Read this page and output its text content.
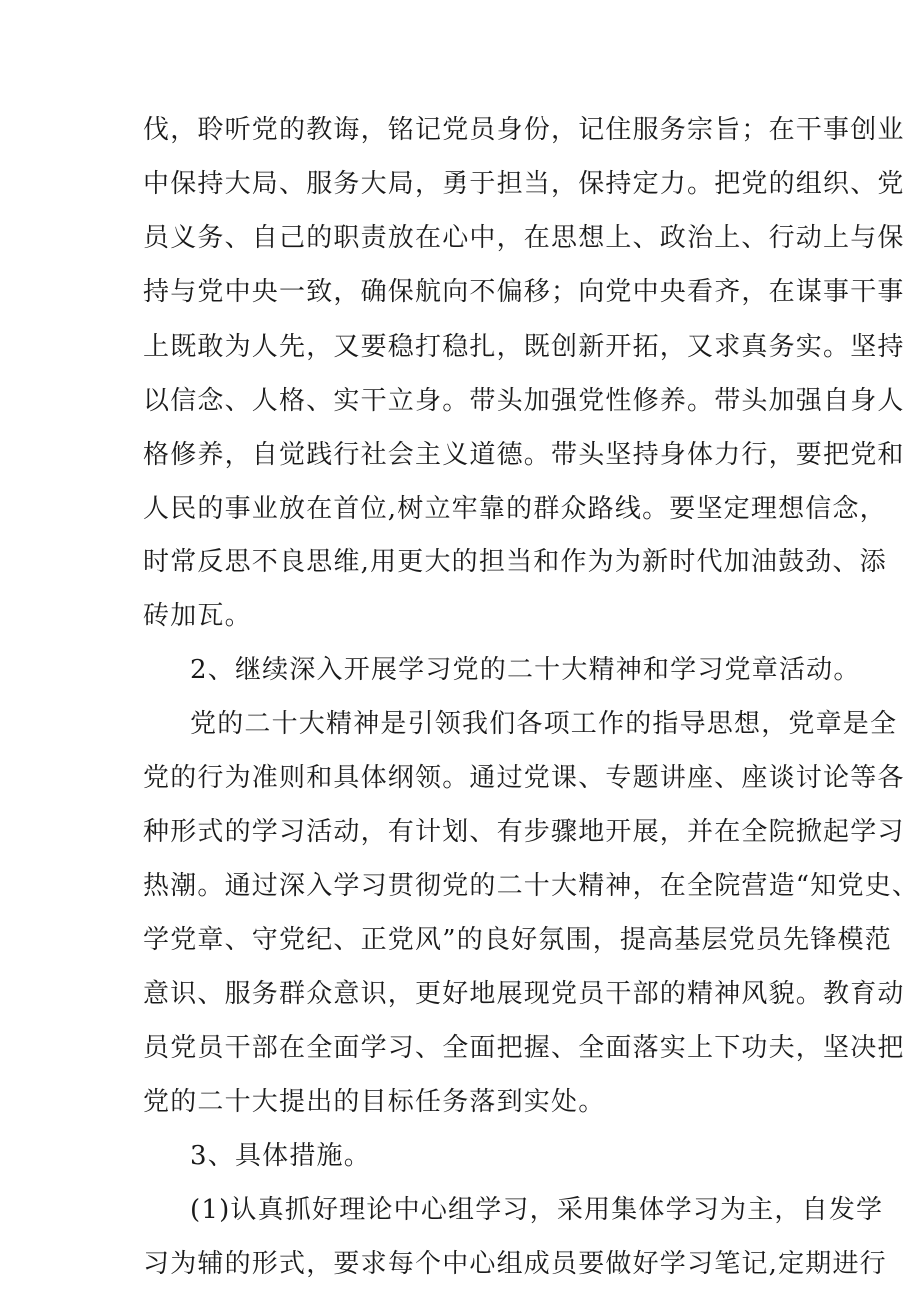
伐，聆听党的教诲，铭记党员身份，记住服务宗旨；在干事创业
中保持大局、服务大局，勇于担当，保持定力。把党的组织、党
员义务、自己的职责放在心中，在思想上、政治上、行动上与保
持与党中央一致，确保航向不偏移；向党中央看齐，在谋事干事
上既敢为人先，又要稳打稳扎，既创新开拓，又求真务实。坚持
以信念、人格、实干立身。带头加强党性修养。带头加强自身人
格修养，自觉践行社会主义道德。带头坚持身体力行，要把党和
人民的事业放在首位,树立牢靠的群众路线。要坚定理想信念，
时常反思不良思维,用更大的担当和作为为新时代加油鼓劲、添
砖加瓦。
2、继续深入开展学习党的二十大精神和学习党章活动。
党的二十大精神是引领我们各项工作的指导思想，党章是全
党的行为准则和具体纲领。通过党课、专题讲座、座谈讨论等各
种形式的学习活动，有计划、有步骤地开展，并在全院掀起学习
热潮。通过深入学习贯彻党的二十大精神，在全院营造“知党史、
学党章、守党纪、正党风”的良好氛围，提高基层党员先锋模范
意识、服务群众意识，更好地展现党员干部的精神风貌。教育动
员党员干部在全面学习、全面把握、全面落实上下功夫，坚决把
党的二十大提出的目标任务落到实处。
3、具体措施。
(1)认真抓好理论中心组学习，采用集体学习为主，自发学
习为辅的形式，要求每个中心组成员要做好学习笔记,定期进行
